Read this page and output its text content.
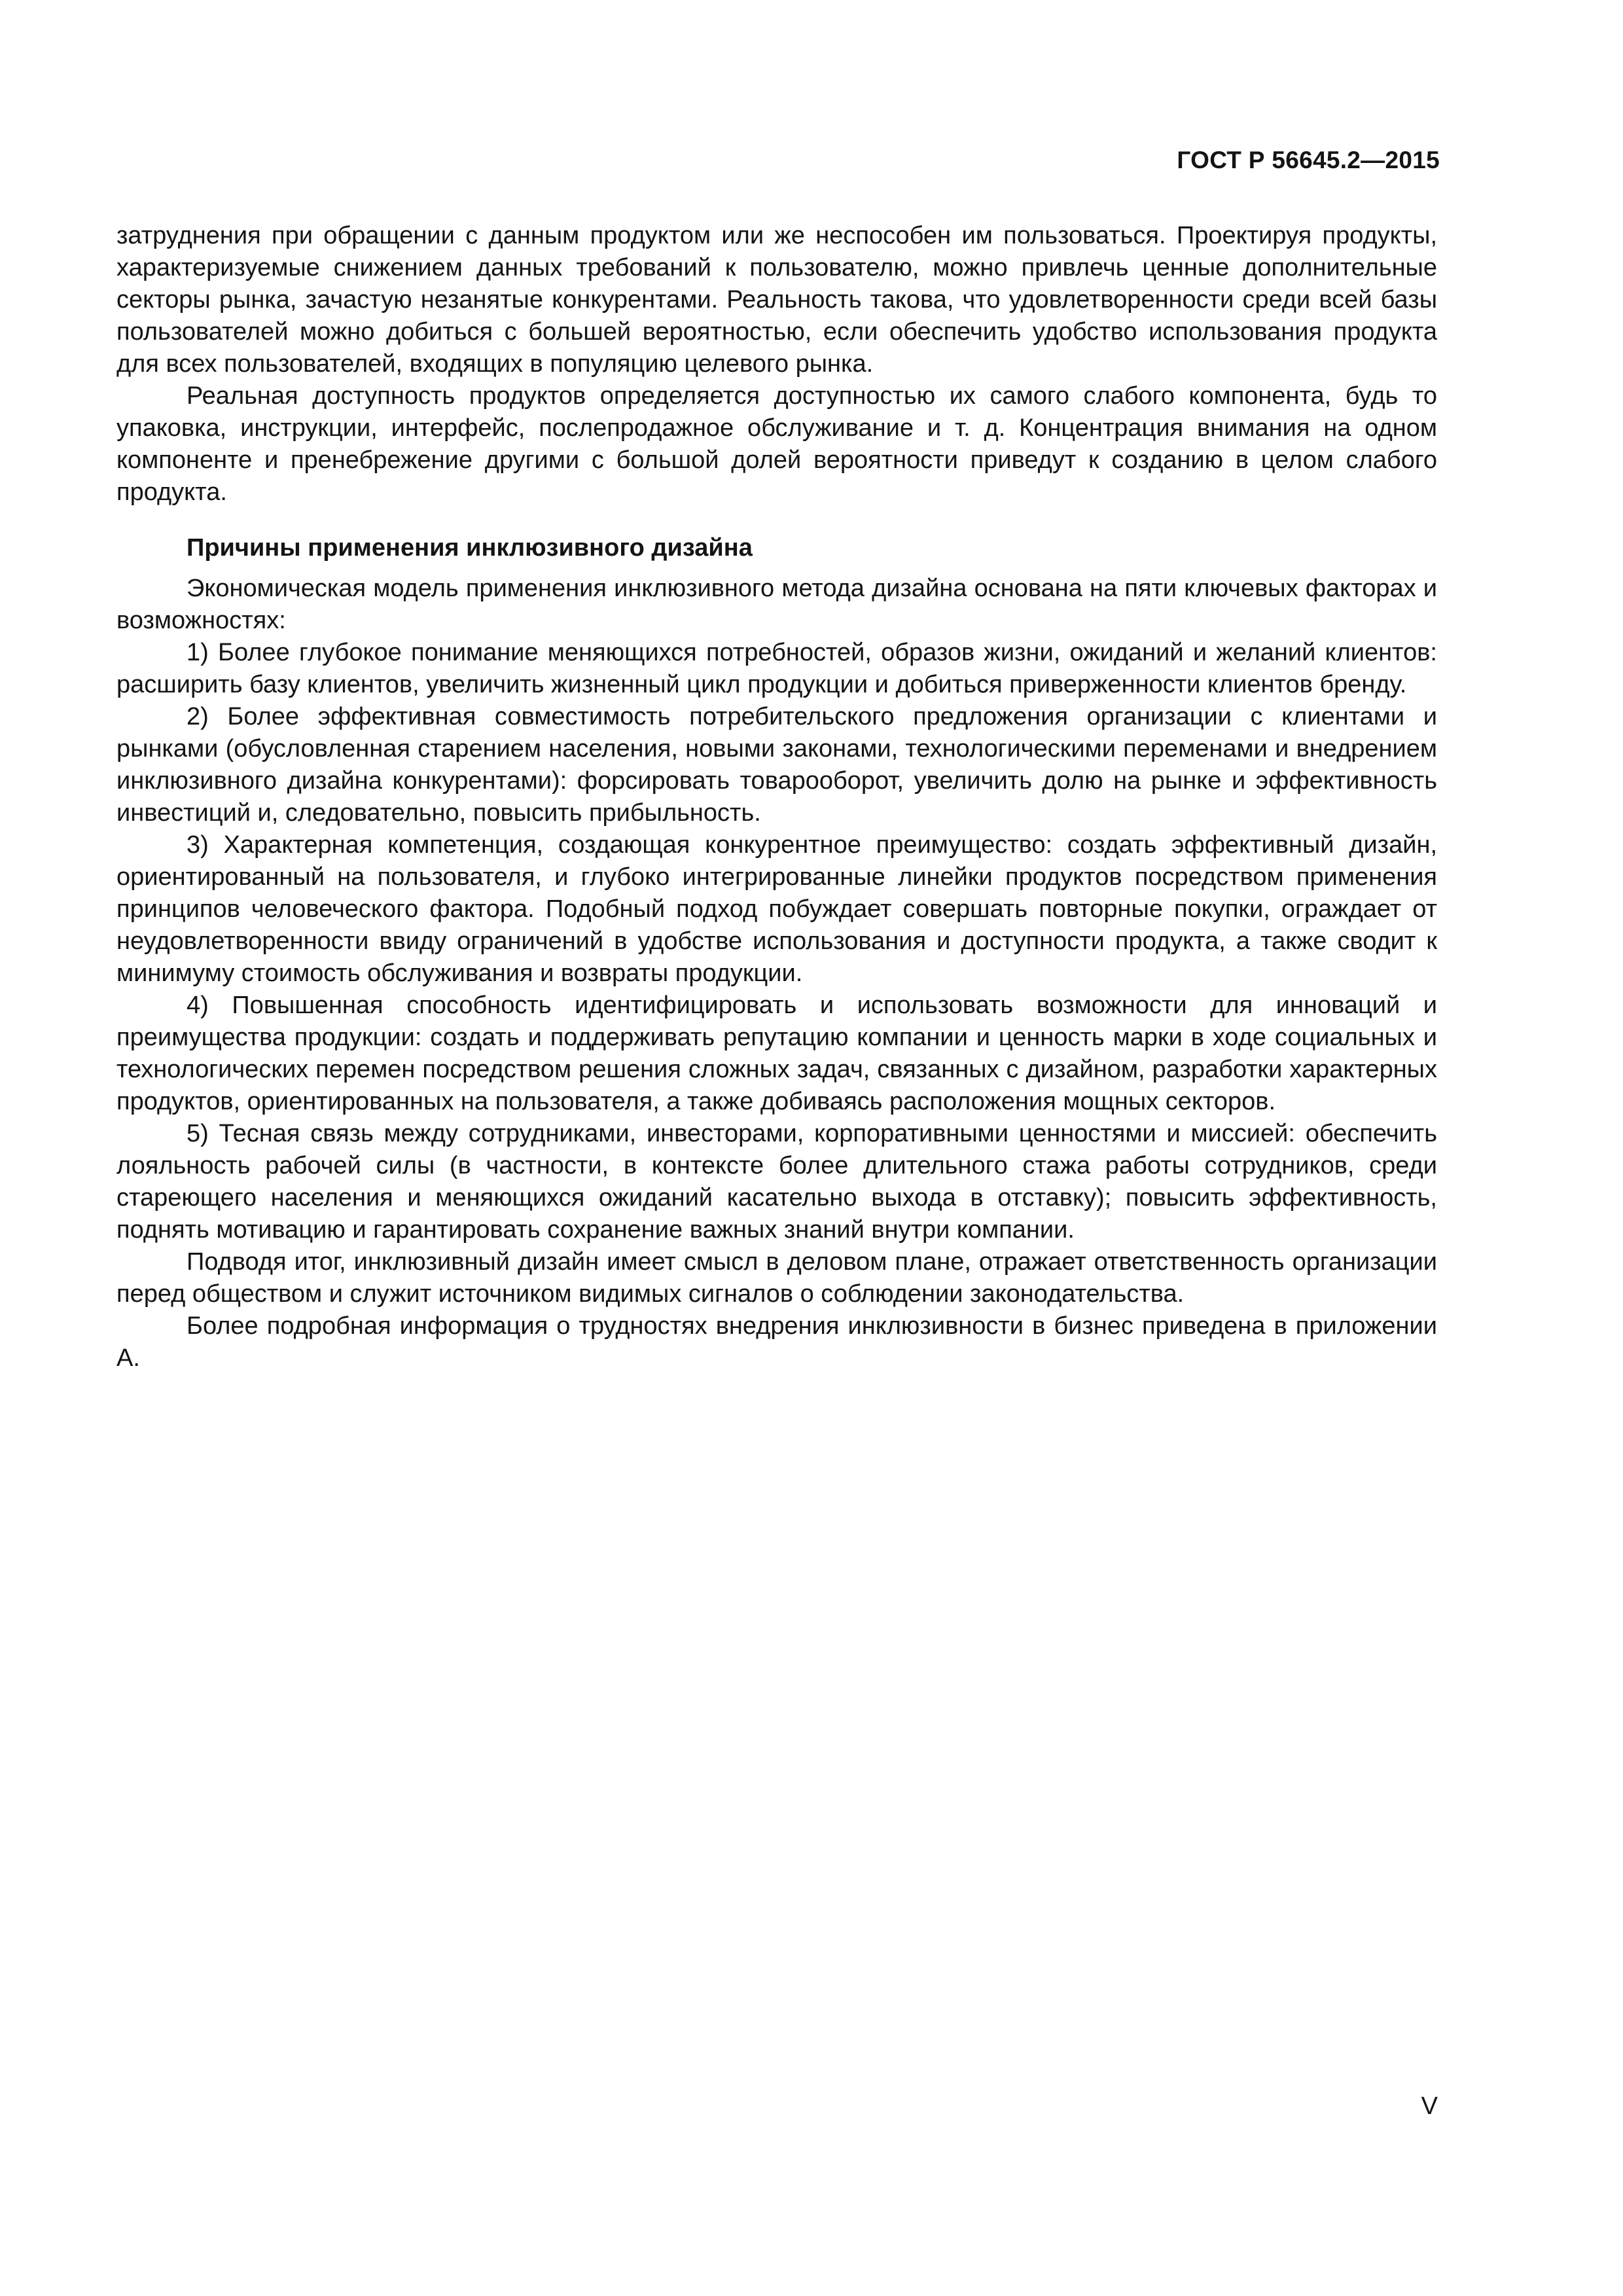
ГОСТ Р 56645.2—2015

затруднения при обращении с данным продуктом или же неспособен им пользоваться. Проектируя продукты, характеризуемые снижением данных требований к пользователю, можно привлечь ценные дополнительные секторы рынка, зачастую незанятые конкурентами. Реальность такова, что удовлетворенности среди всей базы пользователей можно добиться с большей вероятностью, если обеспечить удобство использования продукта для всех пользователей, входящих в популяцию целевого рынка.

Реальная доступность продуктов определяется доступностью их самого слабого компонента, будь то упаковка, инструкции, интерфейс, послепродажное обслуживание и т. д. Концентрация внимания на одном компоненте и пренебрежение другими с большой долей вероятности приведут к созданию в целом слабого продукта.

Причины применения инклюзивного дизайна

Экономическая модель применения инклюзивного метода дизайна основана на пяти ключевых факторах и возможностях:

1) Более глубокое понимание меняющихся потребностей, образов жизни, ожиданий и желаний клиентов: расширить базу клиентов, увеличить жизненный цикл продукции и добиться приверженности клиентов бренду.

2) Более эффективная совместимость потребительского предложения организации с клиентами и рынками (обусловленная старением населения, новыми законами, технологическими переменами и внедрением инклюзивного дизайна конкурентами): форсировать товарооборот, увеличить долю на рынке и эффективность инвестиций и, следовательно, повысить прибыльность.

3) Характерная компетенция, создающая конкурентное преимущество: создать эффективный дизайн, ориентированный на пользователя, и глубоко интегрированные линейки продуктов посредством применения принципов человеческого фактора. Подобный подход побуждает совершать повторные покупки, ограждает от неудовлетворенности ввиду ограничений в удобстве использования и доступности продукта, а также сводит к минимуму стоимость обслуживания и возвраты продукции.

4) Повышенная способность идентифицировать и использовать возможности для инноваций и преимущества продукции: создать и поддерживать репутацию компании и ценность марки в ходе социальных и технологических перемен посредством решения сложных задач, связанных с дизайном, разработки характерных продуктов, ориентированных на пользователя, а также добиваясь расположения мощных секторов.

5) Тесная связь между сотрудниками, инвесторами, корпоративными ценностями и миссией: обеспечить лояльность рабочей силы (в частности, в контексте более длительного стажа работы сотрудников, среди стареющего населения и меняющихся ожиданий касательно выхода в отставку); повысить эффективность, поднять мотивацию и гарантировать сохранение важных знаний внутри компании.

Подводя итог, инклюзивный дизайн имеет смысл в деловом плане, отражает ответственность организации перед обществом и служит источником видимых сигналов о соблюдении законодательства.

Более подробная информация о трудностях внедрения инклюзивности в бизнес приведена в приложении А.

V
